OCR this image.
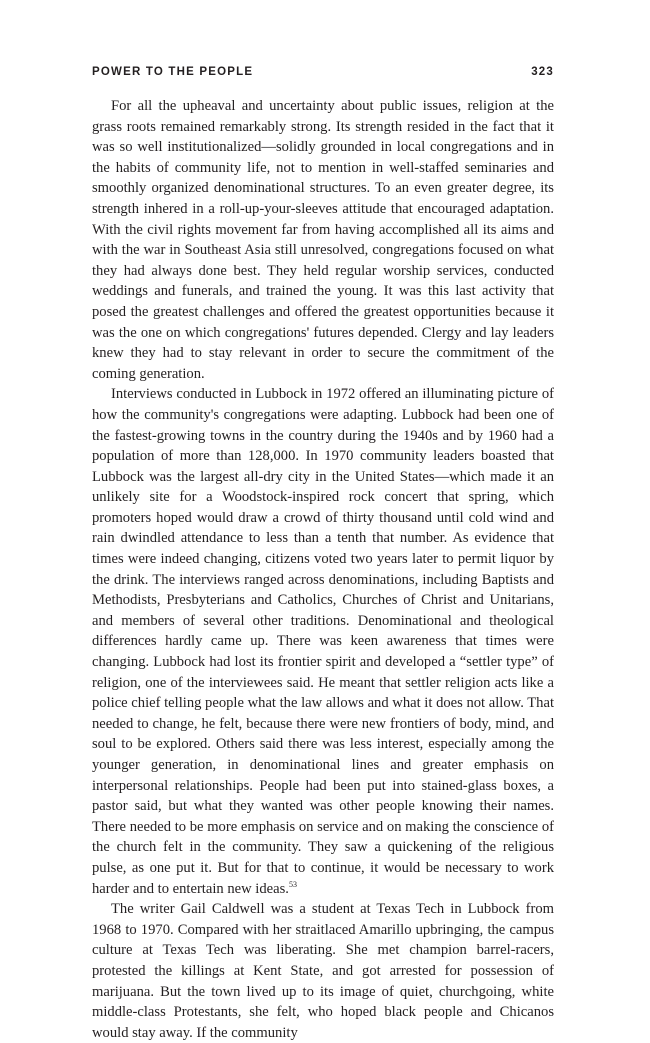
POWER TO THE PEOPLE	323

For all the upheaval and uncertainty about public issues, religion at the grass roots remained remarkably strong. Its strength resided in the fact that it was so well institutionalized—solidly grounded in local congregations and in the habits of community life, not to mention in well-staffed seminaries and smoothly organized denominational structures. To an even greater degree, its strength inhered in a roll-up-your-sleeves attitude that encouraged adaptation. With the civil rights movement far from having accomplished all its aims and with the war in Southeast Asia still unresolved, congregations focused on what they had always done best. They held regular worship services, conducted weddings and funerals, and trained the young. It was this last activity that posed the greatest challenges and offered the greatest opportunities because it was the one on which congregations' futures depended. Clergy and lay leaders knew they had to stay relevant in order to secure the commitment of the coming generation.

Interviews conducted in Lubbock in 1972 offered an illuminating picture of how the community's congregations were adapting. Lubbock had been one of the fastest-growing towns in the country during the 1940s and by 1960 had a population of more than 128,000. In 1970 community leaders boasted that Lubbock was the largest all-dry city in the United States—which made it an unlikely site for a Woodstock-inspired rock concert that spring, which promoters hoped would draw a crowd of thirty thousand until cold wind and rain dwindled attendance to less than a tenth that number. As evidence that times were indeed changing, citizens voted two years later to permit liquor by the drink. The interviews ranged across denominations, including Baptists and Methodists, Presbyterians and Catholics, Churches of Christ and Unitarians, and members of several other traditions. Denominational and theological differences hardly came up. There was keen awareness that times were changing. Lubbock had lost its frontier spirit and developed a “settler type” of religion, one of the interviewees said. He meant that settler religion acts like a police chief telling people what the law allows and what it does not allow. That needed to change, he felt, because there were new frontiers of body, mind, and soul to be explored. Others said there was less interest, especially among the younger generation, in denominational lines and greater emphasis on interpersonal relationships. People had been put into stained-glass boxes, a pastor said, but what they wanted was other people knowing their names. There needed to be more emphasis on service and on making the conscience of the church felt in the community. They saw a quickening of the religious pulse, as one put it. But for that to continue, it would be necessary to work harder and to entertain new ideas.$^{53}$

The writer Gail Caldwell was a student at Texas Tech in Lubbock from 1968 to 1970. Compared with her straitlaced Amarillo upbringing, the campus culture at Texas Tech was liberating. She met champion barrel-racers, protested the killings at Kent State, and got arrested for possession of marijuana. But the town lived up to its image of quiet, churchgoing, white middle-class Protestants, she felt, who hoped black people and Chicanos would stay away. If the community
